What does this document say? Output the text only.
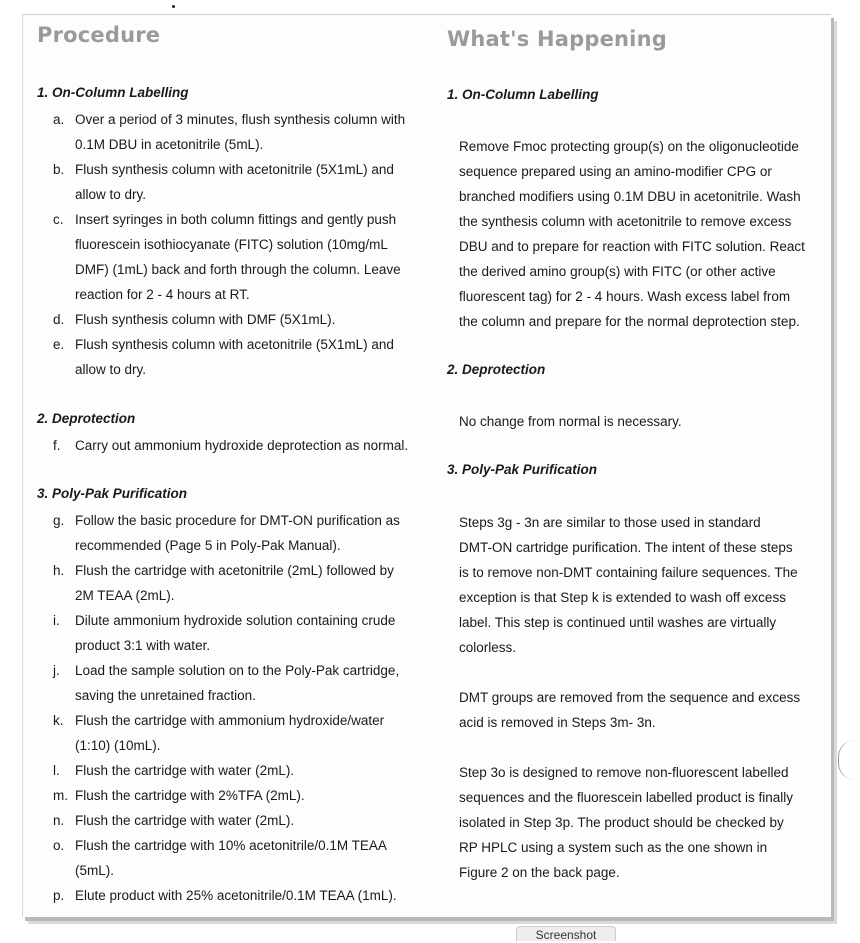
Procedure
1. On-Column Labelling
a. Over a period of 3 minutes, flush synthesis column with
0.1M DBU in acetonitrile (5mL).
b. Flush synthesis column with acetonitrile (5X1mL) and
allow to dry.
c. Insert syringes in both column fittings and gently push
fluorescein isothiocyanate (FITC) solution (10mg/mL
DMF) (1mL) back and forth through the column. Leave
reaction for 2 - 4 hours at RT.
d. Flush synthesis column with DMF (5X1mL).
e. Flush synthesis column with acetonitrile (5X1mL) and
allow to dry.
2. Deprotection
f. Carry out ammonium hydroxide deprotection as normal.
3. Poly-Pak Purification
g. Follow the basic procedure for DMT-ON purification as
recommended (Page 5 in Poly-Pak Manual).
h. Flush the cartridge with acetonitrile (2mL) followed by
2M TEAA (2mL).
i. Dilute ammonium hydroxide solution containing crude
product 3:1 with water.
j. Load the sample solution on to the Poly-Pak cartridge,
saving the unretained fraction.
k. Flush the cartridge with ammonium hydroxide/water
(1:10) (10mL).
l. Flush the cartridge with water (2mL).
m. Flush the cartridge with 2%TFA (2mL).
n. Flush the cartridge with water (2mL).
o. Flush the cartridge with 10% acetonitrile/0.1M TEAA
(5mL).
p. Elute product with 25% acetonitrile/0.1M TEAA (1mL).
What's Happening
1. On-Column Labelling
Remove Fmoc protecting group(s) on the oligonucleotide
sequence prepared using an amino-modifier CPG or
branched modifiers using 0.1M DBU in acetonitrile. Wash
the synthesis column with acetonitrile to remove excess
DBU and to prepare for reaction with FITC solution. React
the derived amino group(s) with FITC (or other active
fluorescent tag) for 2 - 4 hours. Wash excess label from
the column and prepare for the normal deprotection step.
2. Deprotection
No change from normal is necessary.
3. Poly-Pak Purification
Steps 3g - 3n are similar to those used in standard
DMT-ON cartridge purification. The intent of these steps
is to remove non-DMT containing failure sequences. The
exception is that Step k is extended to wash off excess
label. This step is continued until washes are virtually
colorless.
DMT groups are removed from the sequence and excess
acid is removed in Steps 3m- 3n.
Step 3o is designed to remove non-fluorescent labelled
sequences and the fluorescein labelled product is finally
isolated in Step 3p. The product should be checked by
RP HPLC using a system such as the one shown in
Figure 2 on the back page.
Screenshot
